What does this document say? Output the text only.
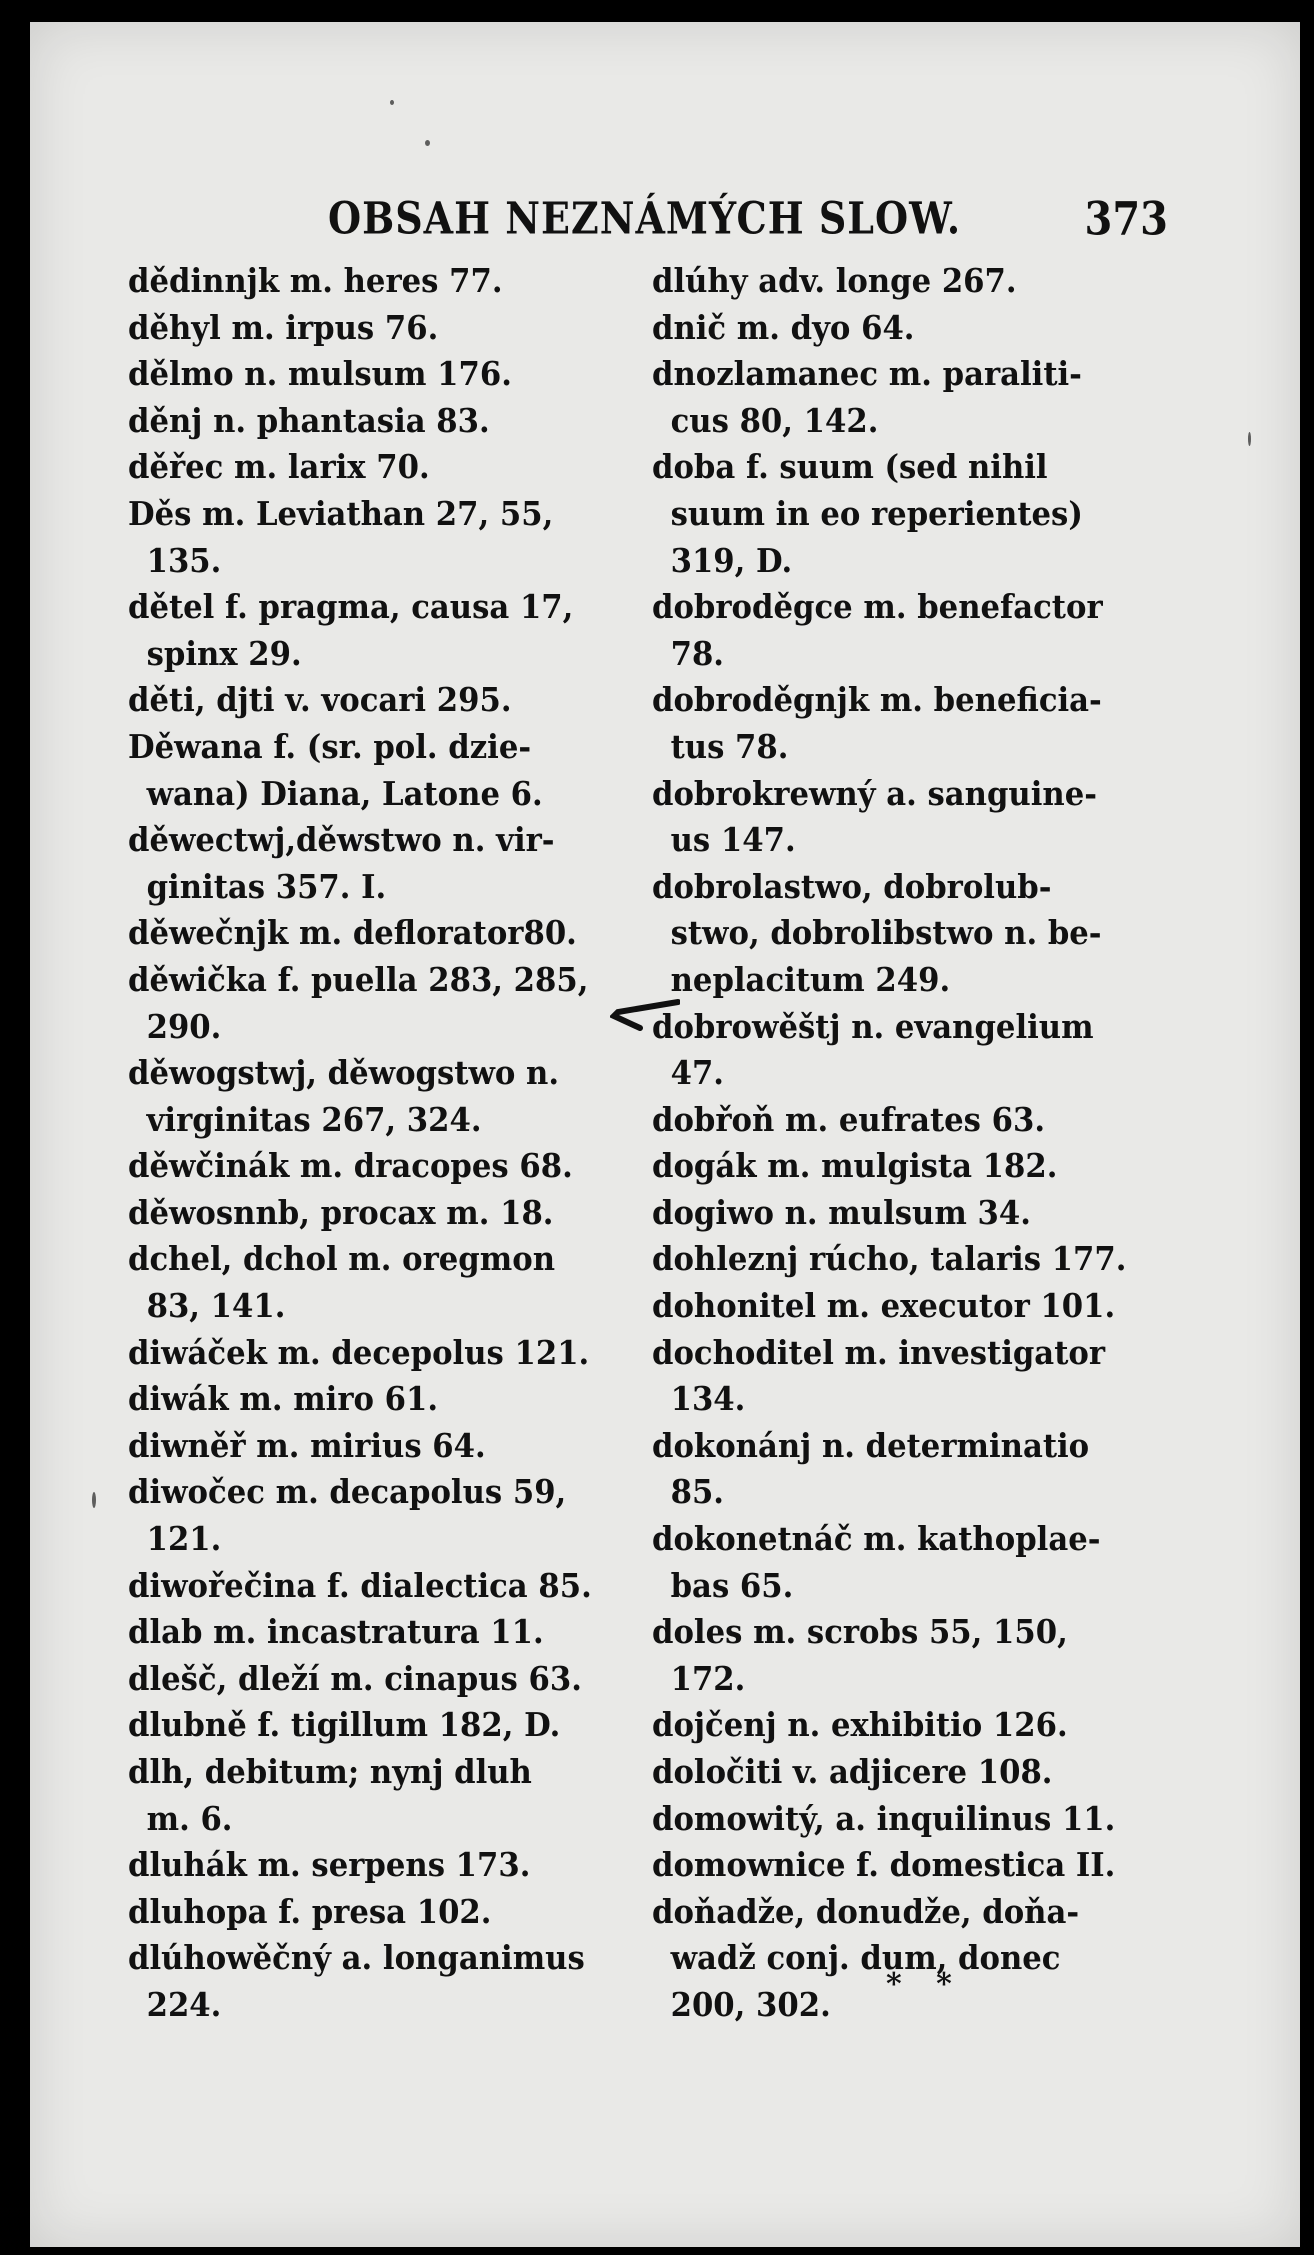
OBSAH NEZNÁMÝCH SLOW.	373
dědinnjk m. heres 77.
děhyl m. irpus 76.
dělmo n. mulsum 176.
děnj n. phantasia 83.
děřec m. larix 70.
Děs m. Leviathan 27, 55,
135.
dětel f. pragma, causa 17,
spinx 29.
děti, djti v. vocari 295.
Děwana f. (sr. pol. dzie-
wana) Diana, Latone 6.
děwectwj,děwstwo n. vir-
ginitas 357. I.
děwečnjk m. deflorator80.
děwička f. puella 283, 285,
290.
děwogstwj, děwogstwo n.
virginitas 267, 324.
děwčinák m. dracopes 68.
děwosnnb, procax m. 18.
dchel, dchol m. oregmon
83, 141.
diwáček m. decepolus 121.
diwák m. miro 61.
diwněř m. mirius 64.
diwočec m. decapolus 59,
121.
diwořečina f. dialectica 85.
dlab m. incastratura 11.
dlešč, dleží m. cinapus 63.
dlubně f. tigillum 182, D.
dlh, debitum; nynj dluh
m. 6.
dluhák m. serpens 173.
dluhopa f. presa 102.
dlúhowěčný a. longanimus
224.
dlúhy adv. longe 267.
dnič m. dyo 64.
dnozlamanec m. paraliti-
cus 80, 142.
doba f. suum (sed nihil
suum in eo reperientes)
319, D.
dobroděgce m. benefactor
78.
dobroděgnjk m. beneficia-
tus 78.
dobrokrewný a. sanguine-
us 147.
dobrolastwo, dobrolub-
stwo, dobrolibstwo n. be-
neplacitum 249.
dobrowěštj n. evangelium
47.
dobřoň m. eufrates 63.
dogák m. mulgista 182.
dogiwo n. mulsum 34.
dohleznj rúcho, talaris 177.
dohonitel m. executor 101.
dochoditel m. investigator
134.
dokonánj n. determinatio
85.
dokonetnáč m. kathoplae-
bas 65.
doles m. scrobs 55, 150,
172.
dojčenj n. exhibitio 126.
določiti v. adjicere 108.
domowitý, a. inquilinus 11.
domownice f. domestica II.
doňadže, donudže, doňa-
wadž conj. dum, donec
200, 302.
* *
